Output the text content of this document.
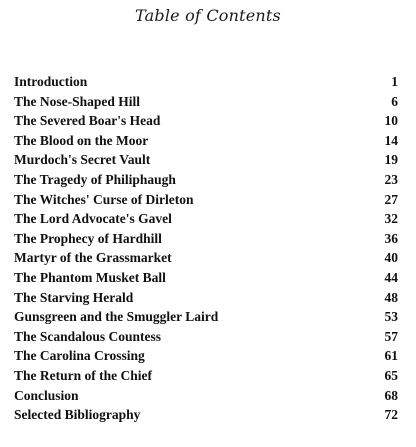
Table of Contents
Introduction	1
The Nose-Shaped Hill	6
The Severed Boar's Head	10
The Blood on the Moor	14
Murdoch's Secret Vault	19
The Tragedy of Philiphaugh	23
The Witches' Curse of Dirleton	27
The Lord Advocate's Gavel	32
The Prophecy of Hardhill	36
Martyr of the Grassmarket	40
The Phantom Musket Ball	44
The Starving Herald	48
Gunsgreen and the Smuggler Laird	53
The Scandalous Countess	57
The Carolina Crossing	61
The Return of the Chief	65
Conclusion	68
Selected Bibliography	72
